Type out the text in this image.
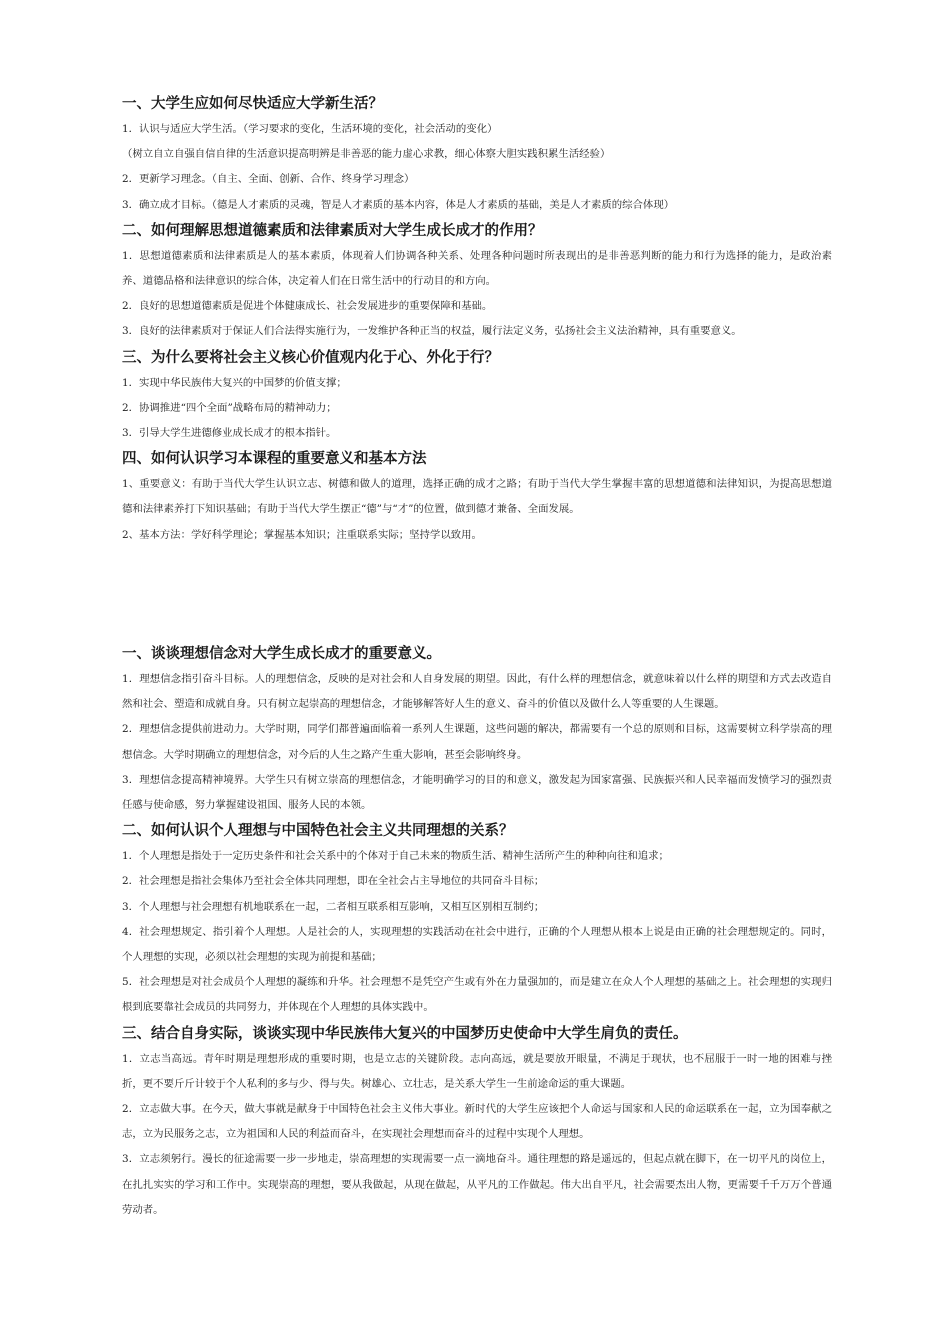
一、大学生应如何尽快适应大学新生活？

1．认识与适应大学生活。（学习要求的变化，生活环境的变化，社会活动的变化）

（树立自立自强自信自律的生活意识提高明辨是非善恶的能力虚心求教，细心体察大胆实践积累生活经验）

2．更新学习理念。（自主、全面、创新、合作、终身学习理念）

3．确立成才目标。（德是人才素质的灵魂，智是人才素质的基本内容，体是人才素质的基础，美是人才素质的综合体现）

二、如何理解思想道德素质和法律素质对大学生成长成才的作用？

1．思想道德素质和法律素质是人的基本素质，体现着人们协调各种关系、处理各种问题时所表现出的是非善恶判断的能力和行为选择的能力，是政治素养、道德品格和法律意识的综合体，决定着人们在日常生活中的行动目的和方向。

2．良好的思想道德素质是促进个体健康成长、社会发展进步的重要保障和基础。

3．良好的法律素质对于保证人们合法得实施行为，一发维护各种正当的权益，履行法定义务，弘扬社会主义法治精神，具有重要意义。

三、为什么要将社会主义核心价值观内化于心、外化于行？

1．实现中华民族伟大复兴的中国梦的价值支撑；

2．协调推进“四个全面”战略布局的精神动力；

3．引导大学生进德修业成长成才的根本指针。

四、如何认识学习本课程的重要意义和基本方法

1、重要意义：有助于当代大学生认识立志、树德和做人的道理，选择正确的成才之路；有助于当代大学生掌握丰富的思想道德和法律知识，为提高思想道德和法律素养打下知识基础；有助于当代大学生摆正“德”与“才”的位置，做到德才兼备、全面发展。

2、基本方法：学好科学理论；掌握基本知识；注重联系实际；坚持学以致用。

一、谈谈理想信念对大学生成长成才的重要意义。

1．理想信念指引奋斗目标。人的理想信念，反映的是对社会和人自身发展的期望。因此，有什么样的理想信念，就意味着以什么样的期望和方式去改造自然和社会、塑造和成就自身。只有树立起崇高的理想信念，才能够解答好人生的意义、奋斗的价值以及做什么人等重要的人生课题。

2．理想信念提供前进动力。大学时期，同学们都普遍面临着一系列人生课题，这些问题的解决，都需要有一个总的原则和目标，这需要树立科学崇高的理想信念。大学时期确立的理想信念，对今后的人生之路产生重大影响，甚至会影响终身。

3．理想信念提高精神境界。大学生只有树立崇高的理想信念，才能明确学习的目的和意义，激发起为国家富强、民族振兴和人民幸福而发愤学习的强烈责任感与使命感，努力掌握建设祖国、服务人民的本领。

二、如何认识个人理想与中国特色社会主义共同理想的关系？

1．个人理想是指处于一定历史条件和社会关系中的个体对于自己未来的物质生活、精神生活所产生的种种向往和追求；

2．社会理想是指社会集体乃至社会全体共同理想，即在全社会占主导地位的共同奋斗目标；

3．个人理想与社会理想有机地联系在一起，二者相互联系相互影响，又相互区别相互制约；

4．社会理想规定、指引着个人理想。人是社会的人，实现理想的实践活动在社会中进行，正确的个人理想从根本上说是由正确的社会理想规定的。同时，个人理想的实现，必须以社会理想的实现为前提和基础；

5．社会理想是对社会成员个人理想的凝练和升华。社会理想不是凭空产生或有外在力量强加的，而是建立在众人个人理想的基础之上。社会理想的实现归根到底要靠社会成员的共同努力，并体现在个人理想的具体实践中。

三、结合自身实际，谈谈实现中华民族伟大复兴的中国梦历史使命中大学生肩负的责任。

1．立志当高远。青年时期是理想形成的重要时期，也是立志的关键阶段。志向高远，就是要放开眼量，不满足于现状，也不屈服于一时一地的困难与挫折，更不要斤斤计较于个人私利的多与少、得与失。树雄心、立壮志，是关系大学生一生前途命运的重大课题。

2．立志做大事。在今天，做大事就是献身于中国特色社会主义伟大事业。新时代的大学生应该把个人命运与国家和人民的命运联系在一起，立为国奉献之志，立为民服务之志，立为祖国和人民的利益而奋斗，在实现社会理想而奋斗的过程中实现个人理想。

3．立志须躬行。漫长的征途需要一步一步地走，崇高理想的实现需要一点一滴地奋斗。通往理想的路是遥远的，但起点就在脚下，在一切平凡的岗位上，在扎扎实实的学习和工作中。实现崇高的理想，要从我做起，从现在做起，从平凡的工作做起。伟大出自平凡，社会需要杰出人物，更需要千千万万个普通劳动者。
